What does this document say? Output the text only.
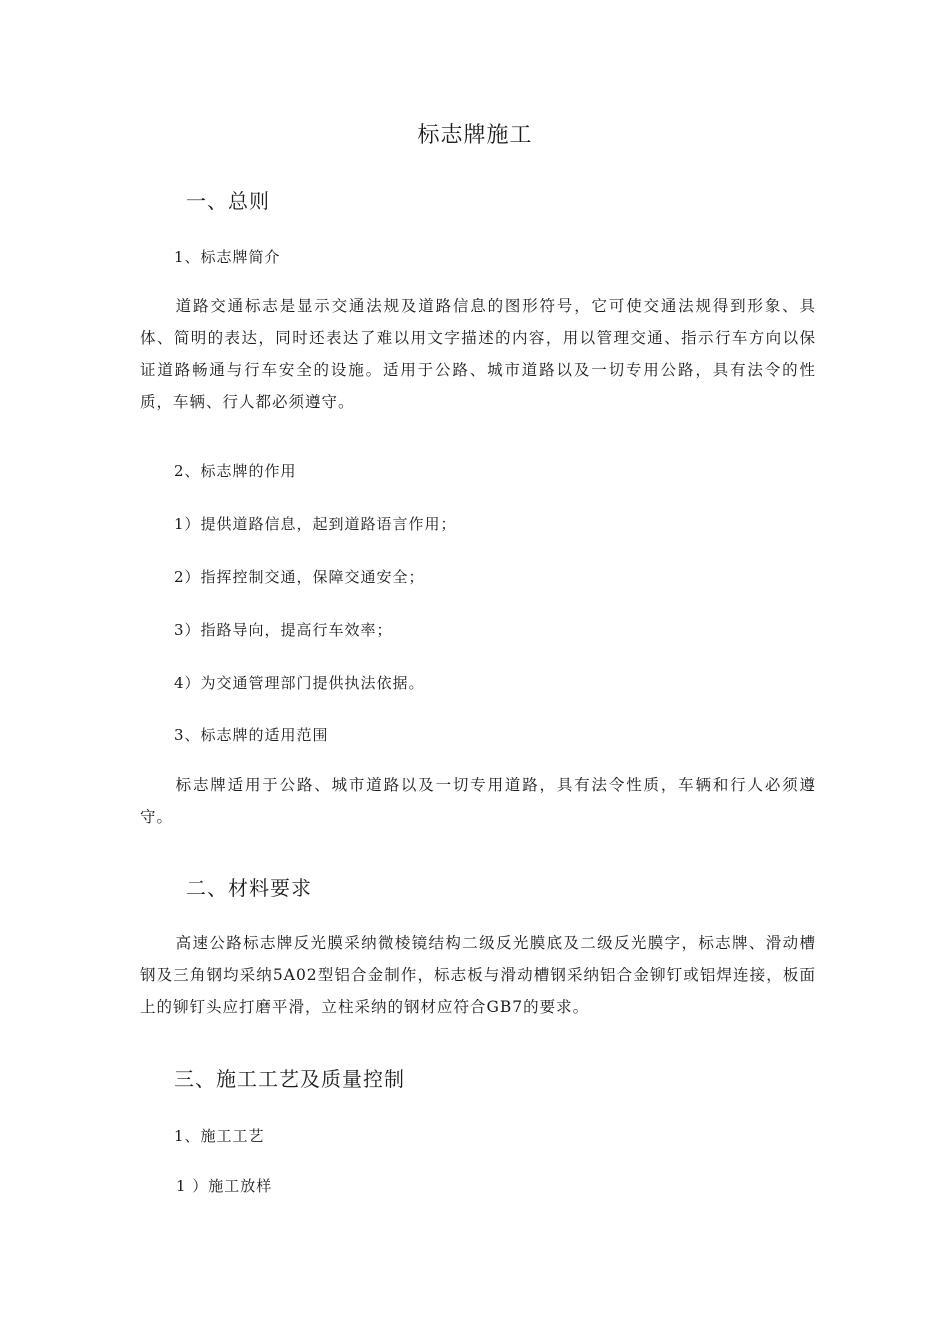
标志牌施工
一、总则
1、标志牌简介

道路交通标志是显示交通法规及道路信息的图形符号，它可使交通法规得到形象、具体、简明的表达，同时还表达了难以用文字描述的内容，用以管理交通、指示行车方向以保证道路畅通与行车安全的设施。适用于公路、城市道路以及一切专用公路，具有法令的性质，车辆、行人都必须遵守。

2、标志牌的作用
1）提供道路信息，起到道路语言作用；
2）指挥控制交通，保障交通安全；
3）指路导向，提高行车效率；
4）为交通管理部门提供执法依据。
3、标志牌的适用范围

标志牌适用于公路、城市道路以及一切专用道路，具有法令性质，车辆和行人必须遵守。

二、材料要求

高速公路标志牌反光膜采纳微棱镜结构二级反光膜底及二级反光膜字，标志牌、滑动槽钢及三角钢均采纳5A02型铝合金制作，标志板与滑动槽钢采纳铝合金铆钉或铝焊连接，板面上的铆钉头应打磨平滑，立柱采纳的钢材应符合GB7的要求。

三、施工工艺及质量控制
1、施工工艺
1 ）施工放样
